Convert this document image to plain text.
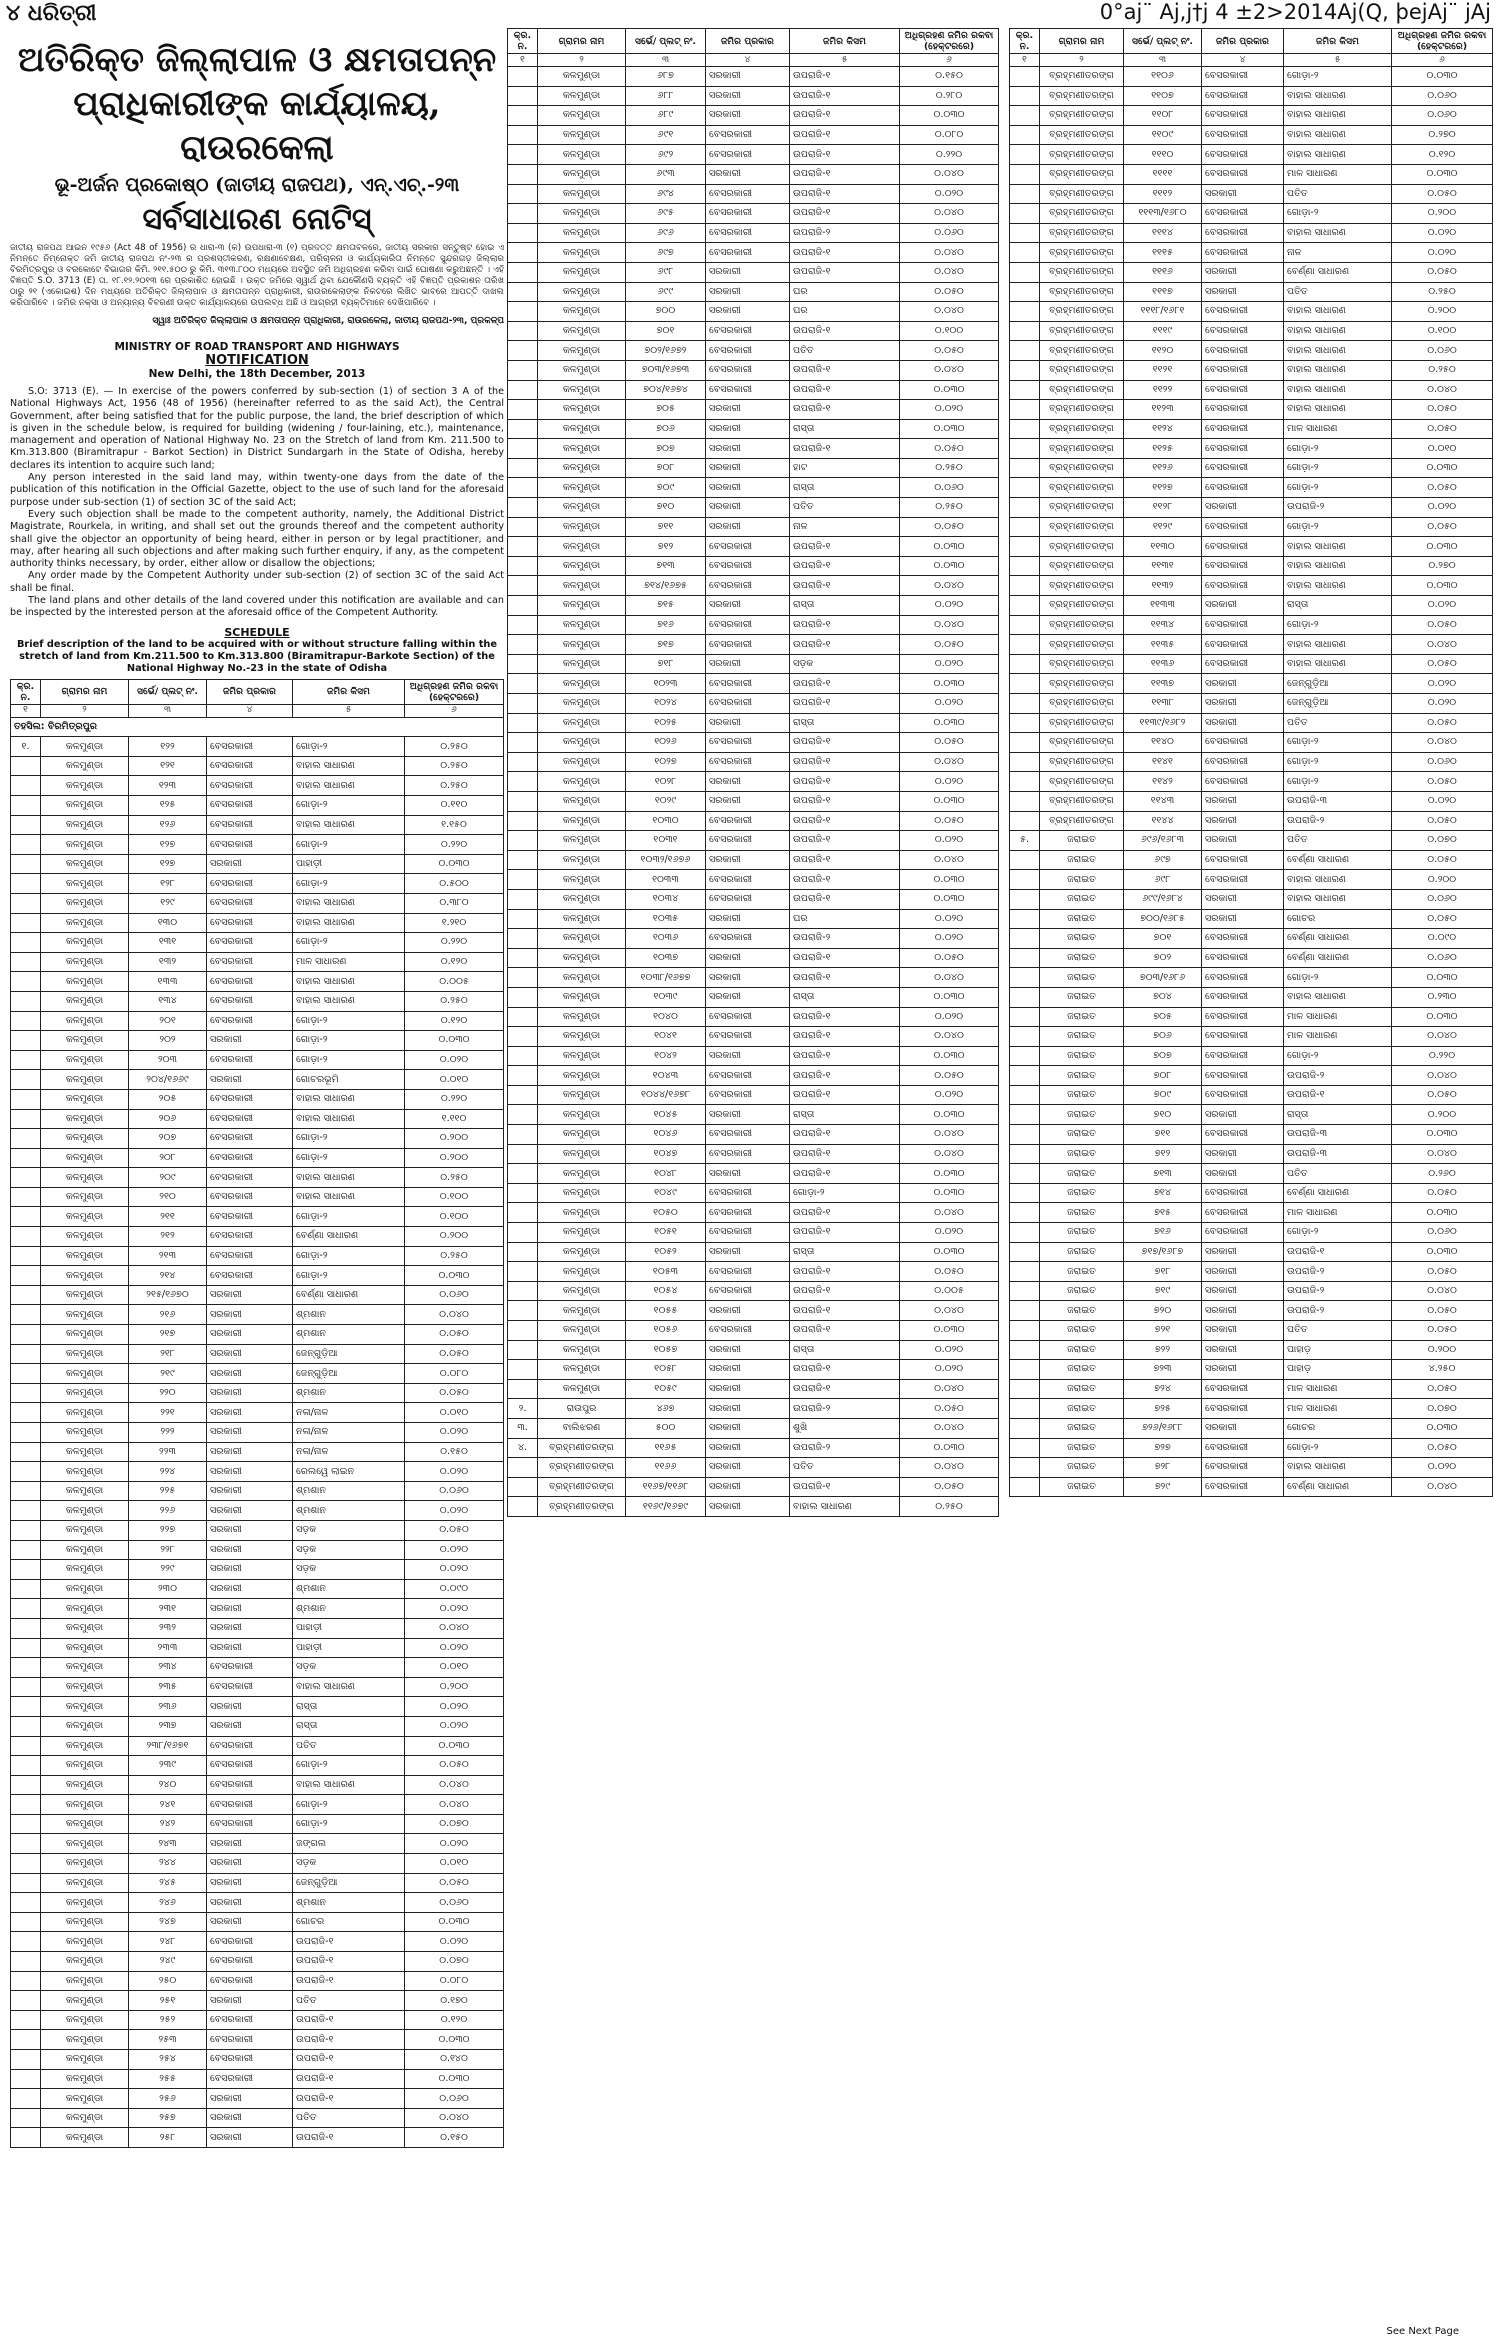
୪ ଧରିତ୍ରୀ	0°aj¨ Aj,j†j 4 ±2>2014Aj(Q, þejAj¨ jAj
ଅତିରିକ୍ତ ଜିଲ୍ଲାପାଳ ଓ କ୍ଷମତାପନ୍ନ ପ୍ରାଧିକାରୀଙ୍କ କାର୍ଯ୍ୟାଳୟ, ରାଉରକେଲା
ଭୂ-ଅର୍ଜନ ପ୍ରକୋଷ୍ଠ (ଜାତୀୟ ରାଜପଥ), ଏନ୍.ଏଚ୍.-୨୩
ସର୍ବସାଧାରଣ ନୋଟିସ୍
ଜାତୀୟ ରାଜପଥ ଆଇନ ୧୯୫୬ (Act 48 of 1956) ର ଧାରା-୩ (କ) ଉପଧାରା-୩ (୧) ପ୍ରଦତ୍ତ କ୍ଷମତାବଳରେ, ଜାତୀୟ ସରକାର ସନ୍ତୁଷ୍ଟ ହୋଇ ଏ ନିମନ୍ତେ ନିମ୍ନୋକ୍ତ ଜମି ଜାତୀୟ ରାଜପଥ ନଂ-୨୩ ର ପ୍ରଶସ୍ତୀକରଣ, ରକ୍ଷଣାବେକ୍ଷଣ, ପରିଚାଳନା ଓ କାର୍ଯ୍ୟକାରିତା ନିମନ୍ତେ ସୁନ୍ଦରଗଡ଼ ଜିଲ୍ଲାର ବିରମିତ୍ରପୁର ଓ ବରକୋଟେ ବିଭାଗର କିମି. ୨୧୧.୫୦୦ ରୁ କିମି. ୩୧୩.୮୦୦ ମଧ୍ୟରେ ଅବସ୍ଥିତ ଜମି ଅଧିଗ୍ରହଣ କରିବା ପାଇଁ ଘୋଷଣା କରୁଅଛନ୍ତି । ଏହି ବିଜ୍ଞପ୍ତି S.O. 3713 (E) ତା. ୧୮.୧୨.୨୦୧୩ ରେ ପ୍ରକାଶିତ ହୋଇଛି । ଉକ୍ତ ଜମିରେ ସ୍ୱାର୍ଥ ଥିବା ଯେକୌଣସି ବ୍ୟକ୍ତି ଏହି ବିଜ୍ଞପ୍ତି ପ୍ରକାଶନ ତାରିଖ ଠାରୁ ୨୧ (ଏକୋଇଶ) ଦିନ ମଧ୍ୟରେ ଅତିରିକ୍ତ ଜିଲ୍ଲାପାଳ ଓ କ୍ଷମତାପନ୍ନ ପ୍ରାଧିକାରୀ, ରାଉରକେଲାଙ୍କ ନିକଟରେ ଲିଖିତ ଭାବରେ ଆପତ୍ତି ଦାଖଲ କରିପାରିବେ । ଜମିର ନକ୍ସା ଓ ଅନ୍ୟାନ୍ୟ ବିବରଣୀ ଉକ୍ତ କାର୍ଯ୍ୟାଳୟରେ ଉପଲବ୍ଧ ଅଛି ଓ ଆଗ୍ରହୀ ବ୍ୟକ୍ତିମାନେ ଦେଖିପାରିବେ ।
ସ୍ୱାଃ ଅତିରିକ୍ତ ଜିଲ୍ଲାପାଳ ଓ କ୍ଷମତାପନ୍ନ ପ୍ରାଧିକାରୀ, ରାଉରକେଲା, ଜାତୀୟ ରାଜପଥ-୨୩, ପ୍ରକଳ୍ପ
MINISTRY OF ROAD TRANSPORT AND HIGHWAYS
NOTIFICATION
New Delhi, the 18th December, 2013
S.O: 3713 (E). — In exercise of the powers conferred by sub-section (1) of section 3 A of the National Highways Act, 1956 (48 of 1956) (hereinafter referred to as the said Act), the Central Government, after being satisfied that for the public purpose, the land, the brief description of which is given in the schedule below, is required for building (widening / four-laining, etc.), maintenance, management and operation of National Highway No. 23 on the Stretch of land from Km. 211.500 to Km.313.800 (Biramitrapur - Barkot Section) in District Sundargarh in the State of Odisha, hereby declares its intention to acquire such land;
Any person interested in the said land may, within twenty-one days from the date of the publication of this notification in the Official Gazette, object to the use of such land for the aforesaid purpose under sub-section (1) of section 3C of the said Act;
Every such objection shall be made to the competent authority, namely, the Additional District Magistrate, Rourkela, in writing, and shall set out the grounds thereof and the competent authority shall give the objector an opportunity of being heard, either in person or by legal practitioner, and may, after hearing all such objections and after making such further enquiry, if any, as the competent authority thinks necessary, by order, either allow or disallow the objections;
Any order made by the Competent Authority under sub-section (2) of section 3C of the said Act shall be final.
The land plans and other details of the land covered under this notification are available and can be inspected by the interested person at the aforesaid office of the Competent Authority.
SCHEDULE
Brief description of the land to be acquired with or without structure falling within the stretch of land from Km.211.500 to Km.313.800 (Biramitrapur-Barkote Section) of the National Highway No.-23 in the state of Odisha
କ୍ର. ନ.	ଗ୍ରାମର ନାମ	ସର୍ଭେ/ ପ୍ଲଟ୍ ନଂ.	ଜମିର ପ୍ରକାର	ଜମିର କିସମ	ଅଧିଗ୍ରହଣ ଜମିର ରକବା (ହେକ୍ଟରରେ)
୧	୨	୩	୪	୫	୬
ତହସିଲ: ବିରମିତ୍ରପୁର					
୧.	କଳମୁଣ୍ଡା	୧୨୨	ବେସରକାରୀ	ଗୋଡ଼ା-୨	୦.୨୫୦
	କଳମୁଣ୍ଡା	୧୨୧	ବେସରକାରୀ	ବାହାଲ ସାଧାରଣ	୦.୨୫୦
	କଳମୁଣ୍ଡା	୧୨୩	ବେସରକାରୀ	ବାହାଲ ସାଧାରଣ	୦.୨୫୦
	କଳମୁଣ୍ଡା	୧୨୫	ବେସରକାରୀ	ଗୋଡ଼ା-୨	୦.୧୧୦
	କଳମୁଣ୍ଡା	୧୨୬	ବେସରକାରୀ	ବାହାଲ ସାଧାରଣ	୧.୧୫୦
	କଳମୁଣ୍ଡା	୧୨୭	ବେସରକାରୀ	ଗୋଡ଼ା-୨	୦.୨୨୦
	କଳମୁଣ୍ଡା	୧୨୭	ସରକାରୀ	ପାହାଡ଼ୀ	୦.୦୩୦
	କଳମୁଣ୍ଡା	୧୨୮	ବେସରକାରୀ	ଗୋଡ଼ା-୨	୦.୫୦୦
	କଳମୁଣ୍ଡା	୧୨୯	ବେସରକାରୀ	ବାହାଲ ସାଧାରଣ	୦.୩୮୦
	କଳମୁଣ୍ଡା	୧୩୦	ବେସରକାରୀ	ବାହାଲ ସାଧାରଣ	୧.୨୧୦
	କଳମୁଣ୍ଡା	୧୩୧	ବେସରକାରୀ	ଗୋଡ଼ା-୨	୦.୨୨୦
	କଳମୁଣ୍ଡା	୧୩୨	ବେସରକାରୀ	ମାଳ ସାଧାରଣ	୦.୧୨୦
	କଳମୁଣ୍ଡା	୧୩୩	ବେସରକାରୀ	ବାହାଲ ସାଧାରଣ	୦.୦୦୫
	କଳମୁଣ୍ଡା	୧୩୪	ବେସରକାରୀ	ବାହାଲ ସାଧାରଣ	୦.୨୫୦
	କଳମୁଣ୍ଡା	୨୦୧	ବେସରକାରୀ	ଗୋଡ଼ା-୨	୦.୧୨୦
	କଳମୁଣ୍ଡା	୨୦୨	ସରକାରୀ	ଗୋଡ଼ା-୨	୦.୦୩୦
	କଳମୁଣ୍ଡା	୨୦୩	ବେସରକାରୀ	ଗୋଡ଼ା-୨	୦.୦୨୦
	କଳମୁଣ୍ଡା	୨୦୪/୧୬୬୯	ସରକାରୀ	ଗୋଚରଭୂମି	୦.୦୧୦
	କଳମୁଣ୍ଡା	୨୦୫	ବେସରକାରୀ	ବାହାଲ ସାଧାରଣ	୦.୨୨୦
	କଳମୁଣ୍ଡା	୨୦୬	ବେସରକାରୀ	ବାହାଲ ସାଧାରଣ	୧.୧୧୦
	କଳମୁଣ୍ଡା	୨୦୭	ବେସରକାରୀ	ଗୋଡ଼ା-୨	୦.୨୦୦
	କଳମୁଣ୍ଡା	୨୦୮	ବେସରକାରୀ	ଗୋଡ଼ା-୨	୦.୨୦୦
	କଳମୁଣ୍ଡା	୨୦୯	ବେସରକାରୀ	ବାହାଲ ସାଧାରଣ	୦.୨୫୦
	କଳମୁଣ୍ଡା	୨୧୦	ବେସରକାରୀ	ବାହାଲ ସାଧାରଣ	୦.୧୦୦
	କଳମୁଣ୍ଡା	୨୧୧	ବେସରକାରୀ	ଗୋଡ଼ା-୨	୦.୧୦୦
	କଳମୁଣ୍ଡା	୨୧୨	ବେସରକାରୀ	ବେର୍ଣ୍ଣା ସାଧାରଣ	୦.୨୦୦
	କଳମୁଣ୍ଡା	୨୧୩	ବେସରକାରୀ	ଗୋଡ଼ା-୨	୦.୨୫୦
	କଳମୁଣ୍ଡା	୨୧୪	ବେସରକାରୀ	ଗୋଡ଼ା-୨	୦.୦୩୦
	କଳମୁଣ୍ଡା	୨୧୫/୧୬୭୦	ସରକାରୀ	ବେର୍ଣ୍ଣା ସାଧାରଣ	୦.୦୬୦
	କଳମୁଣ୍ଡା	୨୧୬	ସରକାରୀ	ଶ୍ମଶାନ	୦.୦୪୦
	କଳମୁଣ୍ଡା	୨୧୭	ସରକାରୀ	ଶ୍ମଶାନ	୦.୦୫୦
	କଳମୁଣ୍ଡା	୨୧୮	ସରକାରୀ	ଜେନ୍ଗୁଡ଼ିଆ	୦.୦୫୦
	କଳମୁଣ୍ଡା	୨୧୯	ସରକାରୀ	ଜେନ୍ଗୁଡ଼ିଆ	୦.୦୮୦
	କଳମୁଣ୍ଡା	୨୨୦	ସରକାରୀ	ଶ୍ମଶାନ	୦.୦୫୦
	କଳମୁଣ୍ଡା	୨୨୧	ସରକାରୀ	ନଳା/ନାଳ	୦.୦୧୦
	କଳମୁଣ୍ଡା	୨୨୨	ସରକାରୀ	ନଳା/ନାଳ	୦.୦୨୦
	କଳମୁଣ୍ଡା	୨୨୩	ସରକାରୀ	ନଳା/ନାଳ	୦.୧୫୦
	କଳମୁଣ୍ଡା	୨୨୪	ସରକାରୀ	ରେଲୱେ ଲାଇନ	୦.୦୨୦
	କଳମୁଣ୍ଡା	୨୨୫	ସରକାରୀ	ଶ୍ମଶାନ	୦.୦୬୦
	କଳମୁଣ୍ଡା	୨୨୬	ସରକାରୀ	ଶ୍ମଶାନ	୦.୦୨୦
	କଳମୁଣ୍ଡା	୨୨୭	ସରକାରୀ	ସଡ଼କ	୦.୦୫୦
	କଳମୁଣ୍ଡା	୨୨୮	ସରକାରୀ	ସଡ଼କ	୦.୦୨୦
	କଳମୁଣ୍ଡା	୨୨୯	ସରକାରୀ	ସଡ଼କ	୦.୦୨୦
	କଳମୁଣ୍ଡା	୨୩୦	ସରକାରୀ	ଶ୍ମଶାନ	୦.୦୯୦
	କଳମୁଣ୍ଡା	୨୩୧	ସରକାରୀ	ଶ୍ମଶାନ	୦.୦୨୦
	କଳମୁଣ୍ଡା	୨୩୨	ସରକାରୀ	ପାହାଡ଼ୀ	୦.୦୪୦
	କଳମୁଣ୍ଡା	୨୩୩	ସରକାରୀ	ପାହାଡ଼ୀ	୦.୦୨୦
	କଳମୁଣ୍ଡା	୨୩୪	ବେସରକାରୀ	ସଡ଼କ	୦.୦୧୦
	କଳମୁଣ୍ଡା	୨୩୫	ବେସରକାରୀ	ବାହାଲ ସାଧାରଣ	୦.୨୦୦
	କଳମୁଣ୍ଡା	୨୩୬	ସରକାରୀ	ରାସ୍ତା	୦.୦୨୦
	କଳମୁଣ୍ଡା	୨୩୭	ସରକାରୀ	ରାସ୍ତା	୦.୦୨୦
	କଳମୁଣ୍ଡା	୨୩୮/୧୬୭୧	ବେସରକାରୀ	ପତିତ	୦.୦୩୦
	କଳମୁଣ୍ଡା	୨୩୯	ବେସରକାରୀ	ଗୋଡ଼ା-୨	୦.୦୫୦
	କଳମୁଣ୍ଡା	୨୪୦	ବେସରକାରୀ	ବାହାଲ ସାଧାରଣ	୦.୦୪୦
	କଳମୁଣ୍ଡା	୨୪୧	ବେସରକାରୀ	ଗୋଡ଼ା-୨	୦.୦୪୦
	କଳମୁଣ୍ଡା	୨୪୨	ବେସରକାରୀ	ଗୋଡ଼ା-୨	୦.୦୭୦
	କଳମୁଣ୍ଡା	୨୪୩	ସରକାରୀ	ଜଙ୍ଗଲ	୦.୦୨୦
	କଳମୁଣ୍ଡା	୨୪୪	ସରକାରୀ	ସଡ଼କ	୦.୦୧୦
	କଳମୁଣ୍ଡା	୨୪୫	ସରକାରୀ	ଜେନ୍ଗୁଡ଼ିଆ	୦.୦୫୦
	କଳମୁଣ୍ଡା	୨୪୬	ସରକାରୀ	ଶ୍ମଶାନ	୦.୦୬୦
	କଳମୁଣ୍ଡା	୨୪୭	ସରକାରୀ	ଗୋଚର	୦.୦୩୦
	କଳମୁଣ୍ଡା	୨୪୮	ବେସରକାରୀ	ଉପରାଜି-୧	୦.୦୨୦
	କଳମୁଣ୍ଡା	୨୪୯	ବେସରକାରୀ	ଉପରାଜି-୧	୦.୦୭୦
	କଳମୁଣ୍ଡା	୨୫୦	ବେସରକାରୀ	ଉପରାଜି-୧	୦.୦୮୦
	କଳମୁଣ୍ଡା	୨୫୧	ସରକାରୀ	ପତିତ	୦.୧୭୦
	କଳମୁଣ୍ଡା	୨୫୨	ବେସରକାରୀ	ଉପରାଜି-୧	୦.୧୨୦
	କଳମୁଣ୍ଡା	୨୫୩	ବେସରକାରୀ	ଉପରାଜି-୧	୦.୦୩୦
	କଳମୁଣ୍ଡା	୨୫୪	ବେସରକାରୀ	ଉପରାଜି-୧	୦.୧୪୦
	କଳମୁଣ୍ଡା	୨୫୫	ବେସରକାରୀ	ଉପରାଜି-୧	୦.୦୩୦
	କଳମୁଣ୍ଡା	୨୫୬	ସରକାରୀ	ଉପରାଜି-୧	୦.୦୬୦
	କଳମୁଣ୍ଡା	୨୫୭	ସରକାରୀ	ପତିତ	୦.୦୪୦
	କଳମୁଣ୍ଡା	୨୫୮	ସରକାରୀ	ଉପରାଜି-୧	୦.୧୫୦
କ୍ର. ନ.	ଗ୍ରାମର ନାମ	ସର୍ଭେ/ ପ୍ଲଟ୍ ନଂ.	ଜମିର ପ୍ରକାର	ଜମିର କିସମ	ଅଧିଗ୍ରହଣ ଜମିର ରକବା (ହେକ୍ଟରରେ)
୧	୨	୩	୪	୫	୬
	କଳମୁଣ୍ଡା	୬୮୭	ସରକାରୀ	ଉପରାଜି-୧	୦.୧୫୦
	କଳମୁଣ୍ଡା	୬୮୮	ସରକାରୀ	ଉପରାଜି-୧	୦.୨୮୦
	କଳମୁଣ୍ଡା	୬୮୯	ସରକାରୀ	ଉପରାଜି-୧	୦.୦୩୦
	କଳମୁଣ୍ଡା	୬୯୧	ବେସରକାରୀ	ଉପରାଜି-୧	୦.୦୮୦
	କଳମୁଣ୍ଡା	୬୯୨	ବେସରକାରୀ	ଉପରାଜି-୧	୦.୨୨୦
	କଳମୁଣ୍ଡା	୬୯୩	ସରକାରୀ	ଉପରାଜି-୧	୦.୦୪୦
	କଳମୁଣ୍ଡା	୬୯୪	ବେସରକାରୀ	ଉପରାଜି-୧	୦.୦୨୦
	କଳମୁଣ୍ଡା	୬୯୫	ବେସରକାରୀ	ଉପରାଜି-୧	୦.୦୪୦
	କଳମୁଣ୍ଡା	୬୯୬	ବେସରକାରୀ	ଉପରାଜି-୨	୦.୦୬୦
	କଳମୁଣ୍ଡା	୬୯୭	ବେସରକାରୀ	ଉପରାଜି-୧	୦.୦୪୦
	କଳମୁଣ୍ଡା	୬୯୮	ସରକାରୀ	ଉପରାଜି-୧	୦.୦୪୦
	କଳମୁଣ୍ଡା	୬୯୯	ସରକାରୀ	ଘର	୦.୦୫୦
	କଳମୁଣ୍ଡା	୭୦୦	ସରକାରୀ	ଘର	୦.୦୪୦
	କଳମୁଣ୍ଡା	୭୦୧	ବେସରକାରୀ	ଉପରାଜି-୧	୦.୧୦୦
	କଳମୁଣ୍ଡା	୭୦୨/୧୬୭୨	ବେସରକାରୀ	ପତିତ	୦.୦୫୦
	କଳମୁଣ୍ଡା	୭୦୩/୧୬୭୩	ବେସରକାରୀ	ଉପରାଜି-୧	୦.୦୪୦
	କଳମୁଣ୍ଡା	୭୦୪/୧୬୭୪	ବେସରକାରୀ	ଉପରାଜି-୧	୦.୦୩୦
	କଳମୁଣ୍ଡା	୭୦୫	ସରକାରୀ	ଉପରାଜି-୧	୦.୦୨୦
	କଳମୁଣ୍ଡା	୭୦୬	ସରକାରୀ	ରାସ୍ତା	୦.୦୩୦
	କଳମୁଣ୍ଡା	୭୦୭	ସରକାରୀ	ଉପରାଜି-୧	୦.୦୫୦
	କଳମୁଣ୍ଡା	୭୦୮	ସରକାରୀ	ହାଟ	୦.୨୫୦
	କଳମୁଣ୍ଡା	୭୦୯	ସରକାରୀ	ରାସ୍ତା	୦.୦୬୦
	କଳମୁଣ୍ଡା	୭୧୦	ସରକାରୀ	ପତିତ	୦.୨୫୦
	କଳମୁଣ୍ଡା	୭୧୧	ସରକାରୀ	ନାଳ	୦.୦୫୦
	କଳମୁଣ୍ଡା	୭୧୨	ବେସରକାରୀ	ଉପରାଜି-୧	୦.୦୩୦
	କଳମୁଣ୍ଡା	୭୧୩	ବେସରକାରୀ	ଉପରାଜି-୧	୦.୦୩୦
	କଳମୁଣ୍ଡା	୭୧୪/୧୬୭୫	ବେସରକାରୀ	ଉପରାଜି-୧	୦.୦୪୦
	କଳମୁଣ୍ଡା	୭୧୫	ସରକାରୀ	ରାସ୍ତା	୦.୦୨୦
	କଳମୁଣ୍ଡା	୭୧୬	ବେସରକାରୀ	ଉପରାଜି-୧	୦.୦୪୦
	କଳମୁଣ୍ଡା	୭୧୭	ବେସରକାରୀ	ଉପରାଜି-୧	୦.୦୫୦
	କଳମୁଣ୍ଡା	୭୧୮	ସରକାରୀ	ସଡ଼କ	୦.୦୨୦
	କଳମୁଣ୍ଡା	୧୦୨୩	ବେସରକାରୀ	ଉପରାଜି-୧	୦.୦୩୦
	କଳମୁଣ୍ଡା	୧୦୨୪	ବେସରକାରୀ	ଉପରାଜି-୧	୦.୦୨୦
	କଳମୁଣ୍ଡା	୧୦୨୫	ସରକାରୀ	ରାସ୍ତା	୦.୦୩୦
	କଳମୁଣ୍ଡା	୧୦୨୬	ବେସରକାରୀ	ଉପରାଜି-୧	୦.୦୫୦
	କଳମୁଣ୍ଡା	୧୦୨୭	ବେସରକାରୀ	ଉପରାଜି-୧	୦.୦୪୦
	କଳମୁଣ୍ଡା	୧୦୨୮	ସରକାରୀ	ଉପରାଜି-୧	୦.୦୨୦
	କଳମୁଣ୍ଡା	୧୦୨୯	ସରକାରୀ	ଉପରାଜି-୧	୦.୦୩୦
	କଳମୁଣ୍ଡା	୧୦୩୦	ବେସରକାରୀ	ଉପରାଜି-୧	୦.୦୫୦
	କଳମୁଣ୍ଡା	୧୦୩୧	ବେସରକାରୀ	ଉପରାଜି-୧	୦.୦୨୦
	କଳମୁଣ୍ଡା	୧୦୩୨/୧୬୭୬	ସରକାରୀ	ଉପରାଜି-୧	୦.୦୪୦
	କଳମୁଣ୍ଡା	୧୦୩୩	ବେସରକାରୀ	ଉପରାଜି-୧	୦.୦୩୦
	କଳମୁଣ୍ଡା	୧୦୩୪	ବେସରକାରୀ	ଉପରାଜି-୧	୦.୦୩୦
	କଳମୁଣ୍ଡା	୧୦୩୫	ସରକାରୀ	ଘର	୦.୦୨୦
	କଳମୁଣ୍ଡା	୧୦୩୬	ବେସରକାରୀ	ଉପରାଜି-୨	୦.୦୨୦
	କଳମୁଣ୍ଡା	୧୦୩୭	ସରକାରୀ	ଉପରାଜି-୧	୦.୦୫୦
	କଳମୁଣ୍ଡା	୧୦୩୮/୧୬୭୭	ସରକାରୀ	ଉପରାଜି-୧	୦.୦୪୦
	କଳମୁଣ୍ଡା	୧୦୩୯	ସରକାରୀ	ରାସ୍ତା	୦.୦୩୦
	କଳମୁଣ୍ଡା	୧୦୪୦	ବେସରକାରୀ	ଉପରାଜି-୧	୦.୦୨୦
	କଳମୁଣ୍ଡା	୧୦୪୧	ବେସରକାରୀ	ଉପରାଜି-୧	୦.୦୪୦
	କଳମୁଣ୍ଡା	୧୦୪୨	ସରକାରୀ	ଉପରାଜି-୧	୦.୦୩୦
	କଳମୁଣ୍ଡା	୧୦୪୩	ବେସରକାରୀ	ଉପରାଜି-୧	୦.୦୫୦
	କଳମୁଣ୍ଡା	୧୦୪୪/୧୬୭୮	ବେସରକାରୀ	ଉପରାଜି-୧	୦.୦୨୦
	କଳମୁଣ୍ଡା	୧୦୪୫	ସରକାରୀ	ରାସ୍ତା	୦.୦୩୦
	କଳମୁଣ୍ଡା	୧୦୪୬	ବେସରକାରୀ	ଉପରାଜି-୧	୦.୦୪୦
	କଳମୁଣ୍ଡା	୧୦୪୭	ବେସରକାରୀ	ଉପରାଜି-୧	୦.୦୪୦
	କଳମୁଣ୍ଡା	୧୦୪୮	ସରକାରୀ	ଉପରାଜି-୧	୦.୦୩୦
	କଳମୁଣ୍ଡା	୧୦୪୯	ବେସରକାରୀ	ଗୋଡ଼ା-୨	୦.୦୩୦
	କଳମୁଣ୍ଡା	୧୦୫୦	ବେସରକାରୀ	ଉପରାଜି-୧	୦.୦୪୦
	କଳମୁଣ୍ଡା	୧୦୫୧	ବେସରକାରୀ	ଉପରାଜି-୧	୦.୦୨୦
	କଳମୁଣ୍ଡା	୧୦୫୨	ସରକାରୀ	ରାସ୍ତା	୦.୦୩୦
	କଳମୁଣ୍ଡା	୧୦୫୩	ବେସରକାରୀ	ଉପରାଜି-୧	୦.୦୫୦
	କଳମୁଣ୍ଡା	୧୦୫୪	ବେସରକାରୀ	ଉପରାଜି-୧	୦.୦୦୫
	କଳମୁଣ୍ଡା	୧୦୫୫	ସରକାରୀ	ଉପରାଜି-୧	୦.୦୪୦
	କଳମୁଣ୍ଡା	୧୦୫୬	ବେସରକାରୀ	ଉପରାଜି-୧	୦.୦୩୦
	କଳମୁଣ୍ଡା	୧୦୫୭	ସରକାରୀ	ରାସ୍ତା	୦.୦୨୦
	କଳମୁଣ୍ଡା	୧୦୫୮	ସରକାରୀ	ଉପରାଜି-୧	୦.୦୨୦
	କଳମୁଣ୍ଡା	୧୦୫୯	ସରକାରୀ	ଉପରାଜି-୧	୦.୦୪୦
୨.	ରାଉପୁର	୪୬୭	ସରକାରୀ	ଉପରାଜି-୨	୦.୦୫୦
୩.	ବାଲିଝରଣ	୫୦୦	ସରକାରୀ	ଶୁଖି	୦.୦୪୦
୪.	ବ୍ରହ୍ମଣୀତରଙ୍ଗ	୧୧୬୫	ସରକାରୀ	ଉପରାଜି-୨	୦.୦୩୦
	ବ୍ରହ୍ମଣୀତରଙ୍ଗ	୧୧୬୬	ସରକାରୀ	ପତିତ	୦.୦୪୦
	ବ୍ରହ୍ମଣୀତରଙ୍ଗ	୧୧୬୭/୧୧୬୮	ସରକାରୀ	ଉପରାଜି-୧	୦.୦୫୦
	ବ୍ରହ୍ମଣୀତରଙ୍ଗ	୧୧୬୯/୧୬୭୯	ସରକାରୀ	ବାହାଲ ସାଧାରଣ	୦.୨୫୦
କ୍ର. ନ.	ଗ୍ରାମର ନାମ	ସର୍ଭେ/ ପ୍ଲଟ୍ ନଂ.	ଜମିର ପ୍ରକାର	ଜମିର କିସମ	ଅଧିଗ୍ରହଣ ଜମିର ରକବା (ହେକ୍ଟରରେ)
୧	୨	୩	୪	୫	୬
	ବ୍ରହ୍ମଣୀତରଙ୍ଗ	୧୧୦୬	ବେସରକାରୀ	ଗୋଡ଼ା-୨	୦.୦୩୦
	ବ୍ରହ୍ମଣୀତରଙ୍ଗ	୧୧୦୭	ବେସରକାରୀ	ବାହାଲ ସାଧାରଣ	୦.୦୬୦
	ବ୍ରହ୍ମଣୀତରଙ୍ଗ	୧୧୦୮	ବେସରକାରୀ	ବାହାଲ ସାଧାରଣ	୦.୦୬୦
	ବ୍ରହ୍ମଣୀତରଙ୍ଗ	୧୧୦୯	ବେସରକାରୀ	ବାହାଲ ସାଧାରଣ	୦.୨୭୦
	ବ୍ରହ୍ମଣୀତରଙ୍ଗ	୧୧୧୦	ବେସରକାରୀ	ବାହାଲ ସାଧାରଣ	୦.୧୨୦
	ବ୍ରହ୍ମଣୀତରଙ୍ଗ	୧୧୧୧	ବେସରକାରୀ	ମାଳ ସାଧାରଣ	୦.୦୩୦
	ବ୍ରହ୍ମଣୀତରଙ୍ଗ	୧୧୧୨	ସରକାରୀ	ପତିତ	୦.୦୫୦
	ବ୍ରହ୍ମଣୀତରଙ୍ଗ	୧୧୧୩/୧୬୮୦	ବେସରକାରୀ	ଗୋଡ଼ା-୨	୦.୨୦୦
	ବ୍ରହ୍ମଣୀତରଙ୍ଗ	୧୧୧୪	ବେସରକାରୀ	ବାହାଲ ସାଧାରଣ	୦.୦୨୦
	ବ୍ରହ୍ମଣୀତରଙ୍ଗ	୧୧୧୫	ବେସରକାରୀ	ନାଳ	୦.୦୨୦
	ବ୍ରହ୍ମଣୀତରଙ୍ଗ	୧୧୧୬	ସରକାରୀ	ବେର୍ଣ୍ଣା ସାଧାରଣ	୦.୦୫୦
	ବ୍ରହ୍ମଣୀତରଙ୍ଗ	୧୧୧୭	ସରକାରୀ	ପତିତ	୦.୨୫୦
	ବ୍ରହ୍ମଣୀତରଙ୍ଗ	୧୧୧୮/୧୬୮୧	ବେସରକାରୀ	ବାହାଲ ସାଧାରଣ	୦.୨୦୦
	ବ୍ରହ୍ମଣୀତରଙ୍ଗ	୧୧୧୯	ବେସରକାରୀ	ବାହାଲ ସାଧାରଣ	୦.୧୦୦
	ବ୍ରହ୍ମଣୀତରଙ୍ଗ	୧୧୨୦	ବେସରକାରୀ	ବାହାଲ ସାଧାରଣ	୦.୦୬୦
	ବ୍ରହ୍ମଣୀତରଙ୍ଗ	୧୧୨୧	ବେସରକାରୀ	ବାହାଲ ସାଧାରଣ	୦.୨୫୦
	ବ୍ରହ୍ମଣୀତରଙ୍ଗ	୧୧୨୨	ବେସରକାରୀ	ବାହାଲ ସାଧାରଣ	୦.୦୪୦
	ବ୍ରହ୍ମଣୀତରଙ୍ଗ	୧୧୨୩	ବେସରକାରୀ	ବାହାଲ ସାଧାରଣ	୦.୦୫୦
	ବ୍ରହ୍ମଣୀତରଙ୍ଗ	୧୧୨୪	ବେସରକାରୀ	ମାଳ ସାଧାରଣ	୦.୦୫୦
	ବ୍ରହ୍ମଣୀତରଙ୍ଗ	୧୧୨୫	ବେସରକାରୀ	ଗୋଡ଼ା-୨	୦.୦୧୦
	ବ୍ରହ୍ମଣୀତରଙ୍ଗ	୧୧୨୬	ବେସରକାରୀ	ଗୋଡ଼ା-୨	୦.୦୩୦
	ବ୍ରହ୍ମଣୀତରଙ୍ଗ	୧୧୨୭	ବେସରକାରୀ	ଗୋଡ଼ା-୨	୦.୦୫୦
	ବ୍ରହ୍ମଣୀତରଙ୍ଗ	୧୧୨୮	ସରକାରୀ	ଉପରାଜି-୨	୦.୦୨୦
	ବ୍ରହ୍ମଣୀତରଙ୍ଗ	୧୧୨୯	ବେସରକାରୀ	ଗୋଡ଼ା-୨	୦.୦୫୦
	ବ୍ରହ୍ମଣୀତରଙ୍ଗ	୧୧୩୦	ବେସରକାରୀ	ବାହାଲ ସାଧାରଣ	୦.୦୩୦
	ବ୍ରହ୍ମଣୀତରଙ୍ଗ	୧୧୩୧	ବେସରକାରୀ	ବାହାଲ ସାଧାରଣ	୦.୨୭୦
	ବ୍ରହ୍ମଣୀତରଙ୍ଗ	୧୧୩୨	ବେସରକାରୀ	ବାହାଲ ସାଧାରଣ	୦.୦୩୦
	ବ୍ରହ୍ମଣୀତରଙ୍ଗ	୧୧୩୩	ସରକାରୀ	ରାସ୍ତା	୦.୦୨୦
	ବ୍ରହ୍ମଣୀତରଙ୍ଗ	୧୧୩୪	ବେସରକାରୀ	ଗୋଡ଼ା-୨	୦.୦୫୦
	ବ୍ରହ୍ମଣୀତରଙ୍ଗ	୧୧୩୫	ବେସରକାରୀ	ବାହାଲ ସାଧାରଣ	୦.୦୪୦
	ବ୍ରହ୍ମଣୀତରଙ୍ଗ	୧୧୩୬	ବେସରକାରୀ	ବାହାଲ ସାଧାରଣ	୦.୦୫୦
	ବ୍ରହ୍ମଣୀତରଙ୍ଗ	୧୧୩୭	ସରକାରୀ	ଜେନ୍ଗୁଡ଼ିଆ	୦.୦୨୦
	ବ୍ରହ୍ମଣୀତରଙ୍ଗ	୧୧୩୮	ସରକାରୀ	ଜେନ୍ଗୁଡ଼ିଆ	୦.୦୨୦
	ବ୍ରହ୍ମଣୀତରଙ୍ଗ	୧୧୩୯/୧୬୮୨	ସରକାରୀ	ପତିତ	୦.୦୫୦
	ବ୍ରହ୍ମଣୀତରଙ୍ଗ	୧୧୪୦	ବେସରକାରୀ	ଗୋଡ଼ା-୨	୦.୦୪୦
	ବ୍ରହ୍ମଣୀତରଙ୍ଗ	୧୧୪୧	ବେସରକାରୀ	ଗୋଡ଼ା-୨	୦.୦୬୦
	ବ୍ରହ୍ମଣୀତରଙ୍ଗ	୧୧୪୨	ବେସରକାରୀ	ଗୋଡ଼ା-୨	୦.୦୫୦
	ବ୍ରହ୍ମଣୀତରଙ୍ଗ	୧୧୪୩	ସରକାରୀ	ଉପରାଜି-୩	୦.୦୨୦
	ବ୍ରହ୍ମଣୀତରଙ୍ଗ	୧୧୪୪	ସରକାରୀ	ଉପରାଜି-୨	୦.୦୫୦
୫.	ଜରାଇତ	୬୯୬/୧୬୮୩	ସରକାରୀ	ପତିତ	୦.୦୭୦
	ଜରାଇତ	୬୯୭	ବେସରକାରୀ	ବେର୍ଣ୍ଣା ସାଧାରଣ	୦.୦୫୦
	ଜରାଇତ	୬୯୮	ବେସରକାରୀ	ବାହାଲ ସାଧାରଣ	୦.୨୦୦
	ଜରାଇତ	୬୯୯/୧୬୮୪	ସରକାରୀ	ବାହାଲ ସାଧାରଣ	୦.୦୬୦
	ଜରାଇତ	୭୦୦/୧୬୮୫	ସରକାରୀ	ଗୋଚର	୦.୦୫୦
	ଜରାଇତ	୭୦୧	ବେସରକାରୀ	ବେର୍ଣ୍ଣା ସାଧାରଣ	୦.୦୯୦
	ଜରାଇତ	୭୦୨	ବେସରକାରୀ	ବେର୍ଣ୍ଣା ସାଧାରଣ	୦.୦୬୦
	ଜରାଇତ	୭୦୩/୧୬୮୬	ବେସରକାରୀ	ଗୋଡ଼ା-୨	୦.୦୩୦
	ଜରାଇତ	୭୦୪	ବେସରକାରୀ	ବାହାଲ ସାଧାରଣ	୦.୨୩୦
	ଜରାଇତ	୭୦୫	ବେସରକାରୀ	ମାଳ ସାଧାରଣ	୦.୦୩୦
	ଜରାଇତ	୭୦୬	ବେସରକାରୀ	ମାଳ ସାଧାରଣ	୦.୦୪୦
	ଜରାଇତ	୭୦୭	ବେସରକାରୀ	ଗୋଡ଼ା-୨	୦.୨୨୦
	ଜରାଇତ	୭୦୮	ବେସରକାରୀ	ଉପରାଜି-୨	୦.୦୪୦
	ଜରାଇତ	୭୦୯	ବେସରକାରୀ	ଉପରାଜି-୧	୦.୦୫୦
	ଜରାଇତ	୭୧୦	ସରକାରୀ	ରାସ୍ତା	୦.୨୦୦
	ଜରାଇତ	୭୧୧	ବେସରକାରୀ	ଉପରାଜି-୩	୦.୦୩୦
	ଜରାଇତ	୭୧୨	ସରକାରୀ	ଉପରାଜି-୩	୦.୦୪୦
	ଜରାଇତ	୭୧୩	ସରକାରୀ	ପତିତ	୦.୨୬୦
	ଜରାଇତ	୭୧୪	ବେସରକାରୀ	ବେର୍ଣ୍ଣା ସାଧାରଣ	୦.୦୫୦
	ଜରାଇତ	୭୧୫	ବେସରକାରୀ	ମାଳ ସାଧାରଣ	୦.୦୩୦
	ଜରାଇତ	୭୧୬	ବେସରକାରୀ	ଗୋଡ଼ା-୨	୦.୦୬୦
	ଜରାଇତ	୭୧୭/୧୬୮୭	ସରକାରୀ	ଉପରାଜି-୧	୦.୦୩୦
	ଜରାଇତ	୭୧୮	ସରକାରୀ	ଉପରାଜି-୨	୦.୦୫୦
	ଜରାଇତ	୭୧୯	ସରକାରୀ	ଉପରାଜି-୨	୦.୦୪୦
	ଜରାଇତ	୭୨୦	ସରକାରୀ	ଉପରାଜି-୨	୦.୦୫୦
	ଜରାଇତ	୭୨୧	ସରକାରୀ	ପତିତ	୦.୦୫୦
	ଜରାଇତ	୭୨୨	ସରକାରୀ	ପାହାଡ଼	୦.୨୦୦
	ଜରାଇତ	୭୨୩	ସରକାରୀ	ପାହାଡ଼	୪.୨୫୦
	ଜରାଇତ	୭୨୪	ବେସରକାରୀ	ମାଳ ସାଧାରଣ	୦.୦୫୦
	ଜରାଇତ	୭୨୫	ବେସରକାରୀ	ମାଳ ସାଧାରଣ	୦.୦୭୦
	ଜରାଇତ	୭୨୬/୧୬୮୮	ସରକାରୀ	ଗୋଚର	୦.୦୩୦
	ଜରାଇତ	୭୨୭	ବେସରକାରୀ	ଗୋଡ଼ା-୨	୦.୦୫୦
	ଜରାଇତ	୭୨୮	ବେସରକାରୀ	ବାହାଲ ସାଧାରଣ	୦.୦୨୦
	ଜରାଇତ	୭୨୯	ବେସରକାରୀ	ବେର୍ଣ୍ଣା ସାଧାରଣ	୦.୦୪୦
See Next Page
